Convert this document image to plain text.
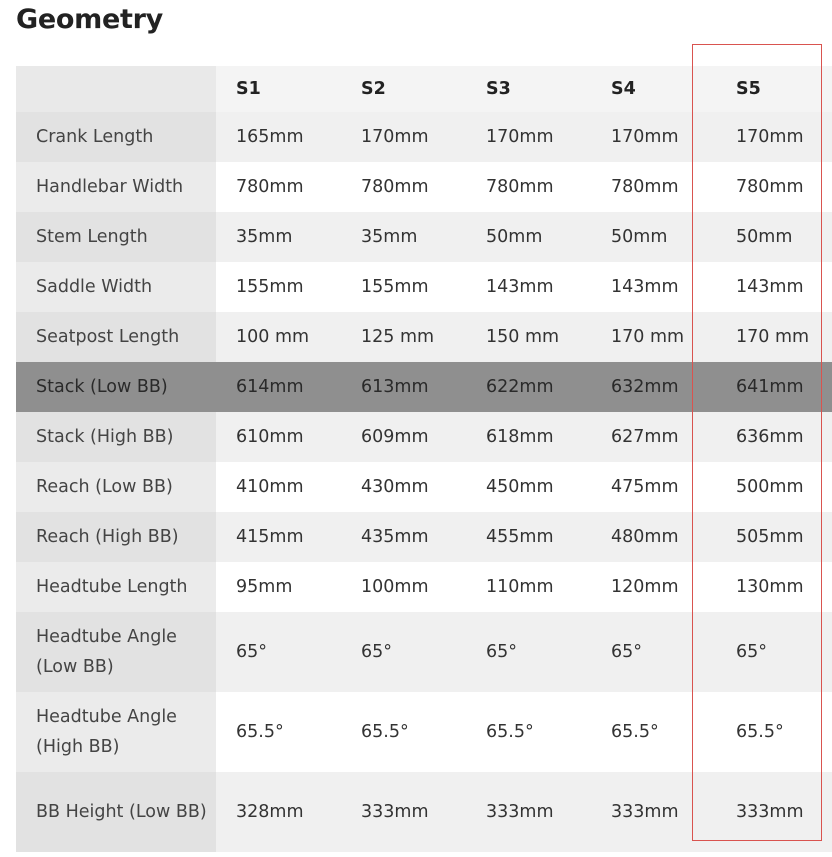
Geometry
	S1	S2	S3	S4	S5
Crank Length	165mm	170mm	170mm	170mm	170mm
Handlebar Width	780mm	780mm	780mm	780mm	780mm
Stem Length	35mm	35mm	50mm	50mm	50mm
Saddle Width	155mm	155mm	143mm	143mm	143mm
Seatpost Length	100 mm	125 mm	150 mm	170 mm	170 mm
Stack (Low BB)	614mm	613mm	622mm	632mm	641mm
Stack (High BB)	610mm	609mm	618mm	627mm	636mm
Reach (Low BB)	410mm	430mm	450mm	475mm	500mm
Reach (High BB)	415mm	435mm	455mm	480mm	505mm
Headtube Length	95mm	100mm	110mm	120mm	130mm
Headtube Angle (Low BB)	65°	65°	65°	65°	65°
Headtube Angle (High BB)	65.5°	65.5°	65.5°	65.5°	65.5°
BB Height (Low BB)	328mm	333mm	333mm	333mm	333mm
